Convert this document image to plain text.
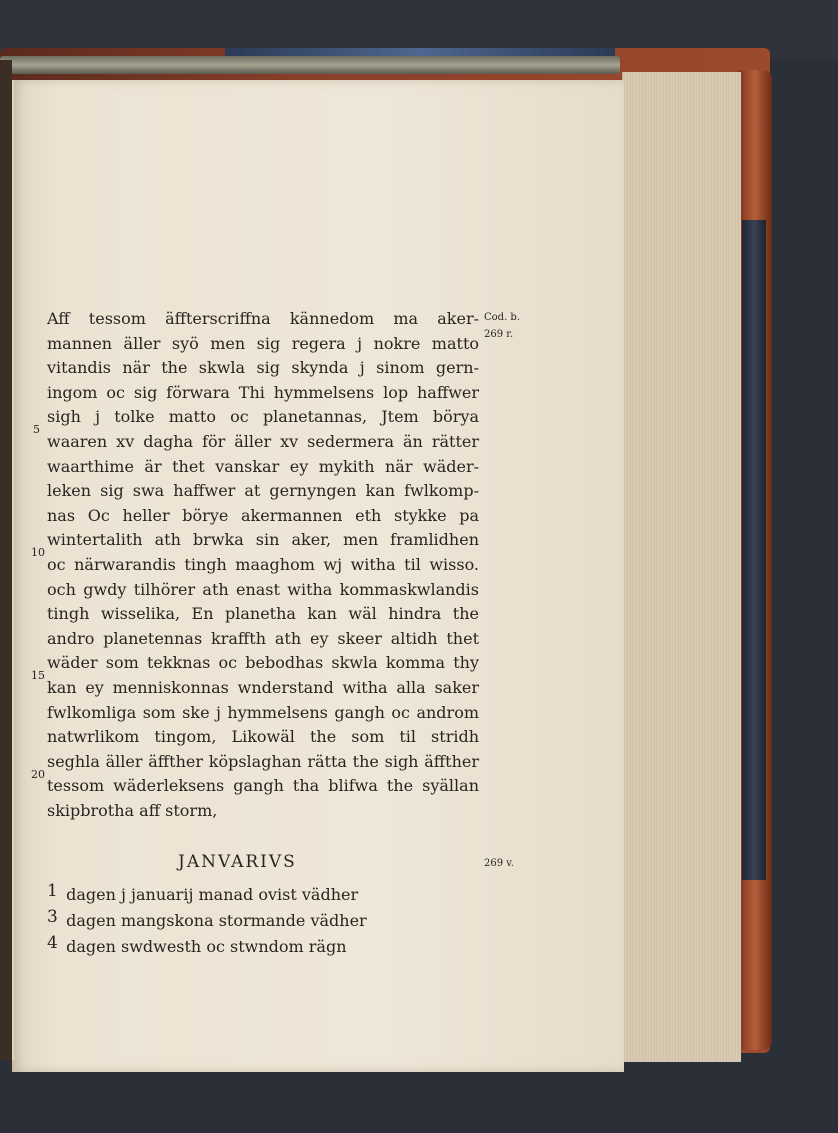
Cod. b.
269 r.
269 v.
5
10
15
20
Aff tessom äffterscriffna kännedom ma aker-
mannen äller syö men sig regera j nokre matto
vitandis när the skwla sig skynda j sinom gern-
ingom oc sig förwara Thi hymmelsens lop haffwer
sigh j tolke matto oc planetannas, Jtem börya
waaren xv dagha för äller xv sedermera än rätter
waarthime är thet vanskar ey mykith när wäder-
leken sig swa haffwer at gernyngen kan fwlkomp-
nas Oc heller börye akermannen eth stykke pa
wintertalith ath brwka sin aker, men framlidhen
oc närwarandis tingh maaghom wj witha til wisso.
och gwdy tilhörer ath enast witha kommaskwlandis
tingh wisselika, En planetha kan wäl hindra the
andro planetennas kraffth ath ey skeer altidh thet
wäder som tekknas oc bebodhas skwla komma thy
kan ey menniskonnas wnderstand witha alla saker
fwlkomliga som ske j hymmelsens gangh oc androm
natwrlikom tingom, Likowäl the som til stridh
seghla äller äffther köpslaghan rätta the sigh äffther
tessom wäderleksens gangh tha blifwa the syällan
skipbrotha aff storm,
JANVARIVS
1 dagen j januarij manad ovist vädher
3 dagen mangskona stormande vädher
4 dagen swdwesth oc stwndom rägn
